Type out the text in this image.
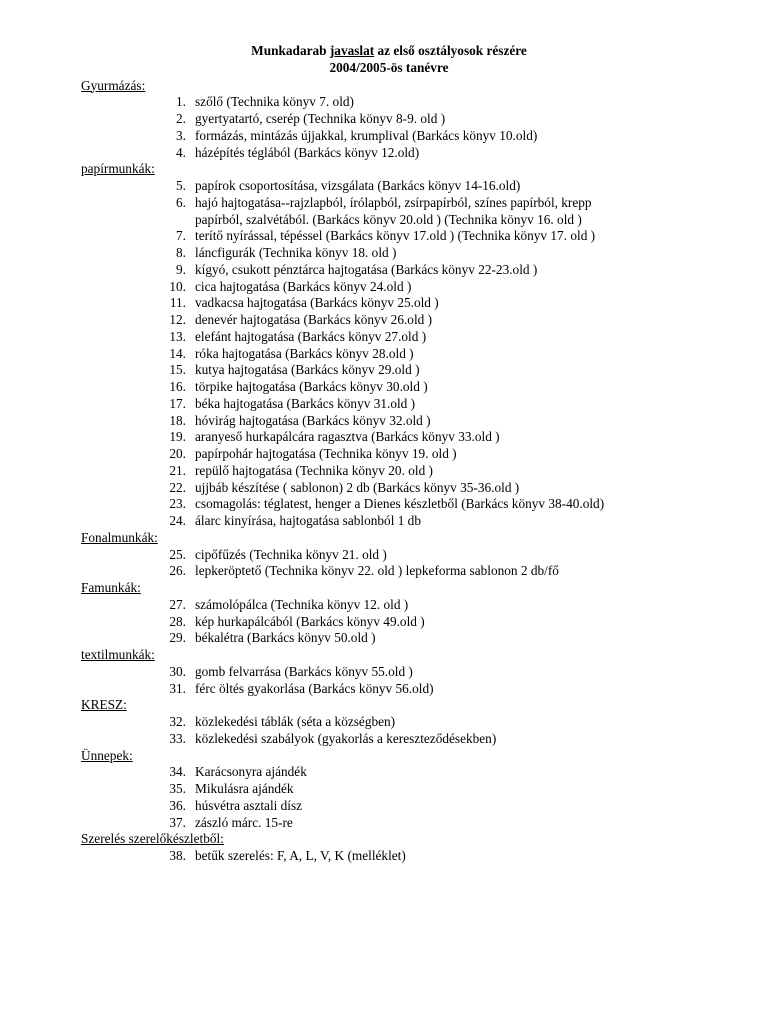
Munkadarab javaslat az első osztályosok részére
2004/2005-ös tanévre
Gyurmázás:
1. szőlő (Technika könyv 7. old)
2. gyertyatartó, cserép (Technika könyv 8-9. old )
3. formázás, mintázás újjakkal, krumplival (Barkács könyv 10.old)
4. házépítés téglából (Barkács könyv 12.old)
papírmunkák:
5. papírok csoportosítása, vizsgálata (Barkács könyv 14-16.old)
6. hajó hajtogatása--rajzlapból, írólapból, zsírpapírból, színes papírból, krepp
papírból, szalvétából. (Barkács könyv 20.old ) (Technika könyv 16. old )
7. terítő nyírással, tépéssel (Barkács könyv 17.old ) (Technika könyv 17. old )
8. láncfigurák (Technika könyv 18. old )
9. kígyó, csukott pénztárca hajtogatása (Barkács könyv 22-23.old )
10. cica hajtogatása (Barkács könyv 24.old )
11. vadkacsa hajtogatása (Barkács könyv 25.old )
12. denevér hajtogatása (Barkács könyv 26.old )
13. elefánt hajtogatása (Barkács könyv 27.old )
14. róka hajtogatása (Barkács könyv 28.old )
15. kutya hajtogatása (Barkács könyv 29.old )
16. törpike hajtogatása (Barkács könyv 30.old )
17. béka hajtogatása (Barkács könyv 31.old )
18. hóvirág hajtogatása (Barkács könyv 32.old )
19. aranyeső hurkapálcára ragasztva (Barkács könyv 33.old )
20. papírpohár hajtogatása (Technika könyv 19. old )
21. repülő hajtogatása (Technika könyv 20. old )
22. ujjbáb készítése ( sablonon) 2 db (Barkács könyv 35-36.old )
23. csomagolás: téglatest, henger a Dienes készletből (Barkács könyv 38-40.old)
24. álarc kinyírása, hajtogatása sablonból 1 db
Fonalmunkák:
25. cipőfűzés (Technika könyv 21. old )
26. lepkeröptető (Technika könyv 22. old ) lepkeforma sablonon 2 db/fő
Famunkák:
27. számolópálca (Technika könyv 12. old )
28. kép hurkapálcából (Barkács könyv 49.old )
29. békalétra (Barkács könyv 50.old )
textilmunkák:
30. gomb felvarrása (Barkács könyv 55.old )
31. férc öltés gyakorlása (Barkács könyv 56.old)
KRESZ:
32. közlekedési táblák (séta a községben)
33. közlekedési szabályok (gyakorlás a kereszteződésekben)
Ünnepek:
34. Karácsonyra ajándék
35. Mikulásra ajándék
36. húsvétra asztali dísz
37. zászló márc. 15-re
Szerelés szerelőkészletből:
38. betűk szerelés: F, A, L, V, K (melléklet)
